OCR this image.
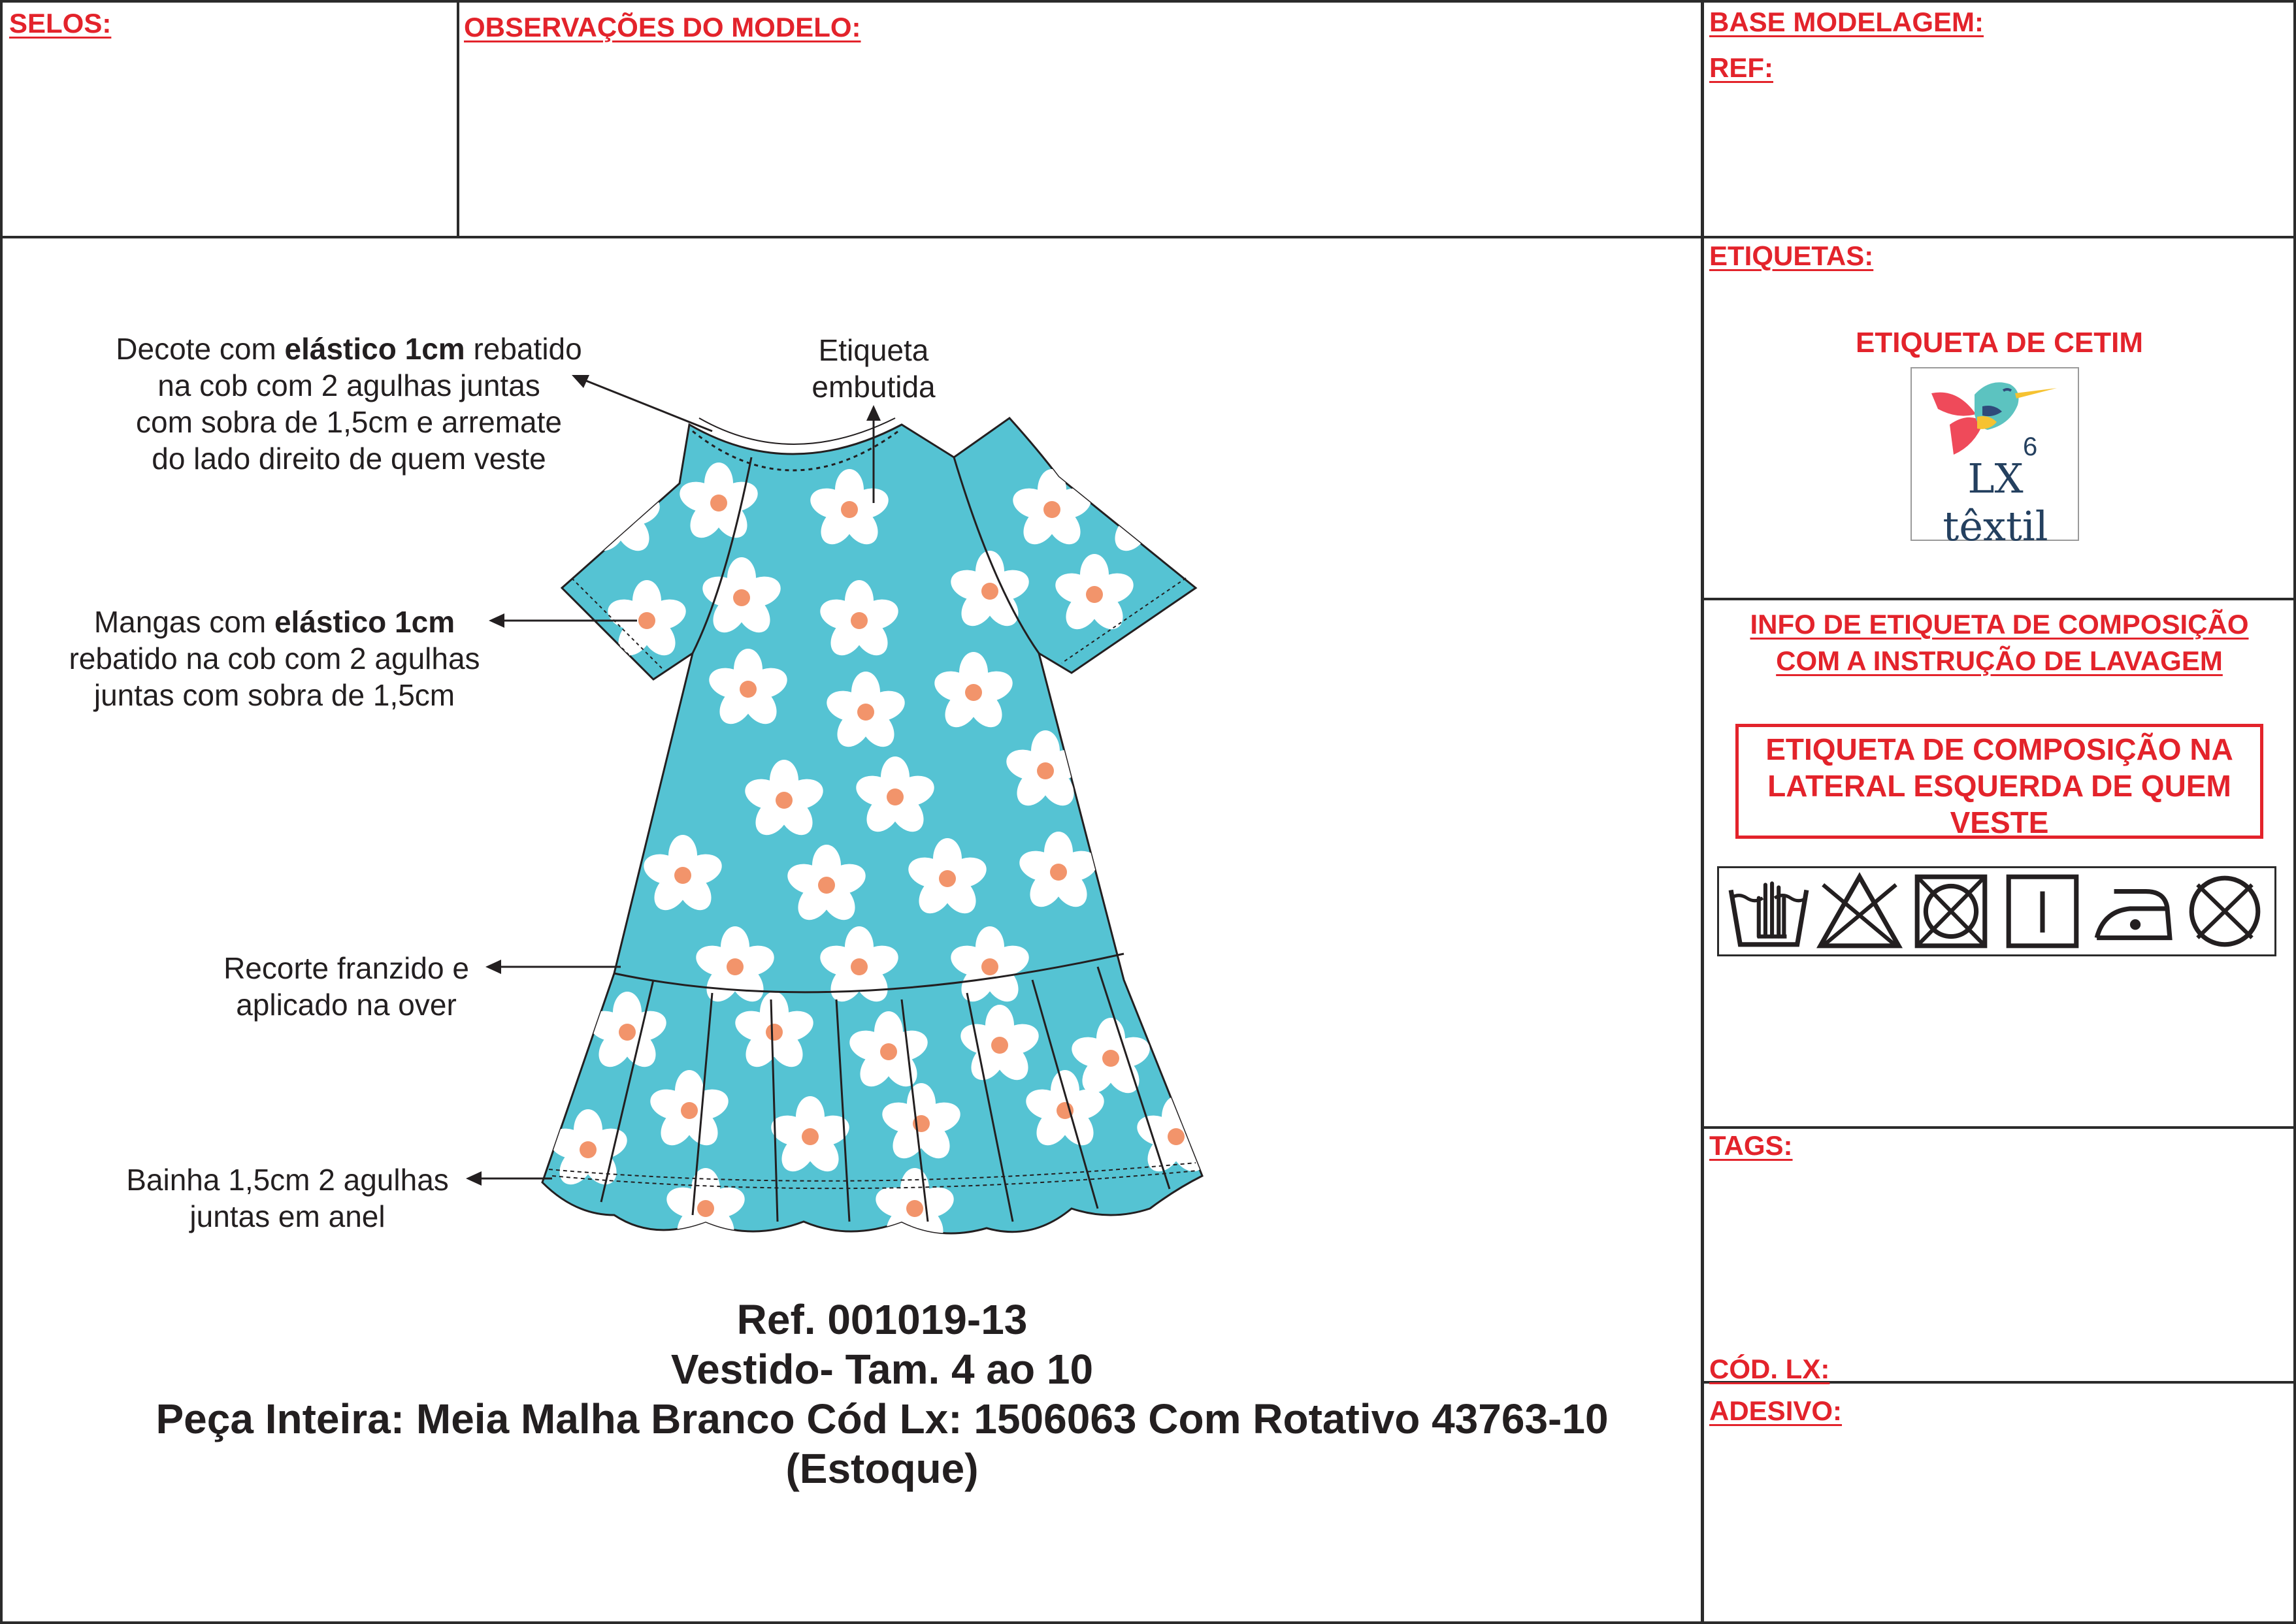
SELOS:	OBSERVAÇÕES DO MODELO:	BASE MODELAGEM:
REF:
ETIQUETAS:
INFO DE ETIQUETA DE COMPOSIÇÃO
COM A INSTRUÇÃO DE LAVAGEM
TAGS:
CÓD. LX:
ADESIVO:
ETIQUETA DE CETIM
6
LX têxtil
ETIQUETA DE COMPOSIÇÃO NA
LATERAL ESQUERDA DE QUEM
VESTE
Decote com elástico 1cm rebatido
na cob com 2 agulhas juntas
com sobra de 1,5cm e arremate
do lado direito de quem veste
Etiqueta
embutida
Mangas com elástico 1cm
rebatido na cob com 2 agulhas
juntas com sobra de 1,5cm
Recorte franzido e
aplicado na over
Bainha 1,5cm 2 agulhas
juntas em anel
Ref. 001019-13
Vestido- Tam. 4 ao 10
Peça Inteira: Meia Malha Branco Cód Lx: 1506063 Com Rotativo 43763-10
(Estoque)
